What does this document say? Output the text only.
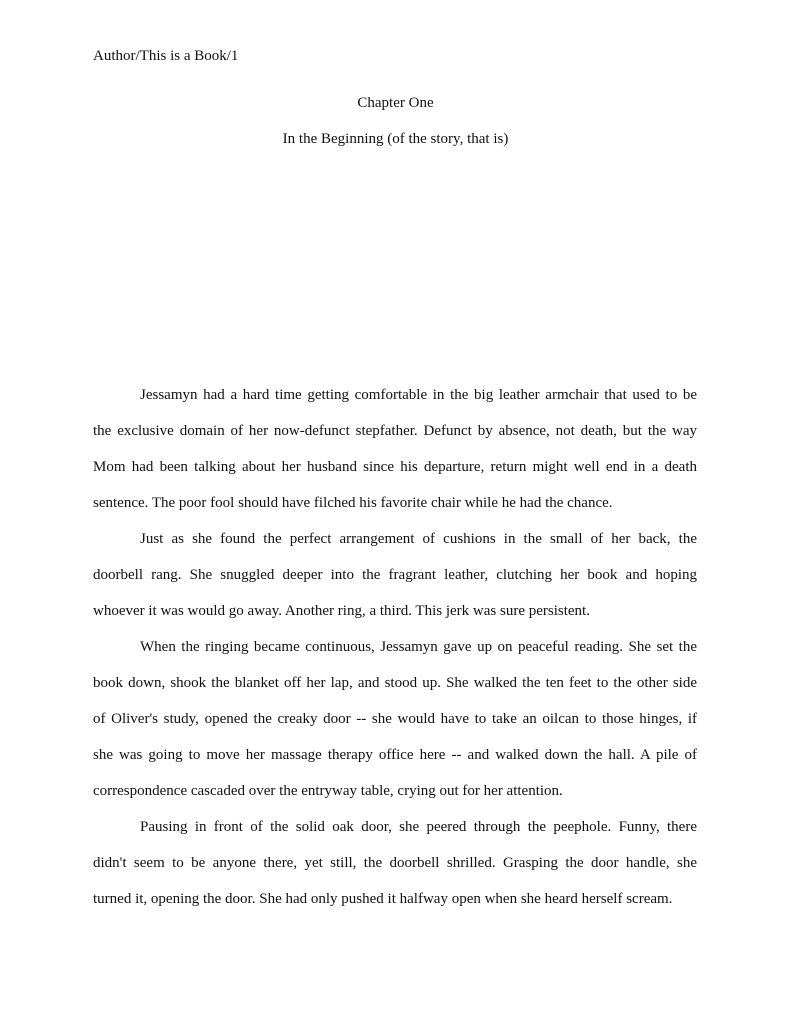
Author/This is a Book/1
Chapter One
In the Beginning (of the story, that is)

Jessamyn had a hard time getting comfortable in the big leather armchair that used to be
the exclusive domain of her now-defunct stepfather. Defunct by absence, not death, but the way
Mom had been talking about her husband since his departure, return might well end in a death
sentence. The poor fool should have filched his favorite chair while he had the chance.

Just as she found the perfect arrangement of cushions in the small of her back, the
doorbell rang. She snuggled deeper into the fragrant leather, clutching her book and hoping
whoever it was would go away. Another ring, a third. This jerk was sure persistent.

When the ringing became continuous, Jessamyn gave up on peaceful reading. She set the
book down, shook the blanket off her lap, and stood up. She walked the ten feet to the other side
of Oliver's study, opened the creaky door -- she would have to take an oilcan to those hinges, if
she was going to move her massage therapy office here -- and walked down the hall. A pile of
correspondence cascaded over the entryway table, crying out for her attention.

Pausing in front of the solid oak door, she peered through the peephole. Funny, there
didn't seem to be anyone there, yet still, the doorbell shrilled. Grasping the door handle, she
turned it, opening the door. She had only pushed it halfway open when she heard herself scream.
